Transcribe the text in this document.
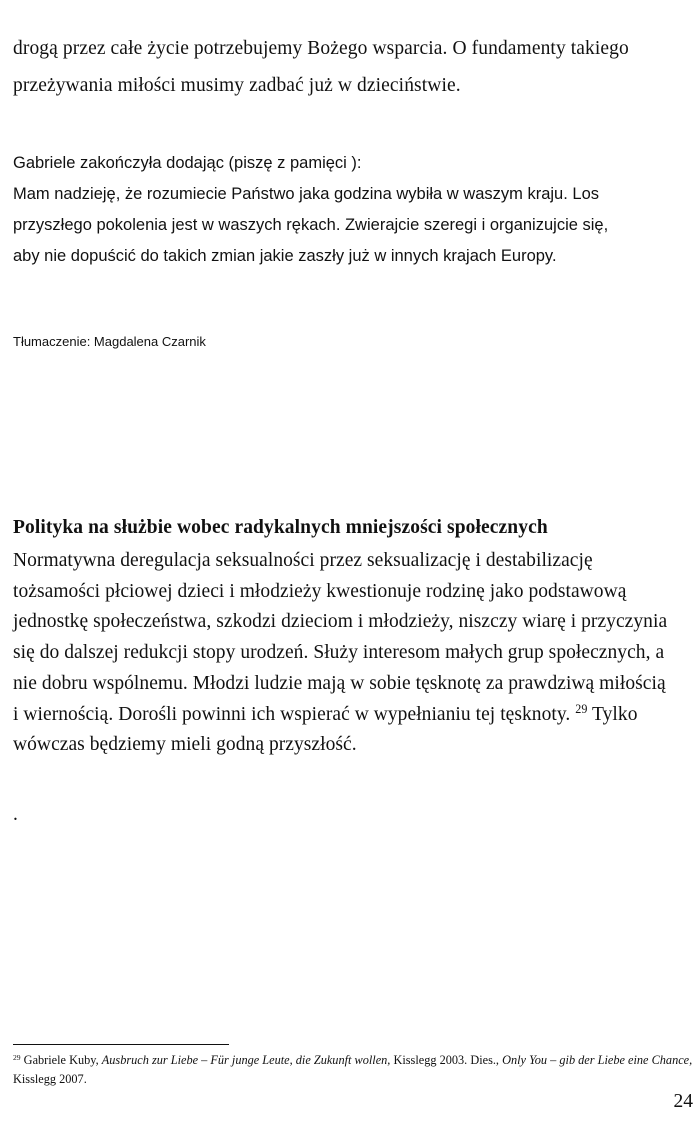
drogą przez całe życie potrzebujemy Bożego wsparcia. O fundamenty takiego
przeżywania miłości musimy zadbać już w dzieciństwie.
Gabriele zakończyła dodając (piszę z pamięci ):
Mam nadzieję, że rozumiecie Państwo jaka godzina wybiła w waszym kraju. Los
przyszłego pokolenia jest w waszych rękach. Zwierajcie szeregi i organizujcie się,
aby nie dopuścić do takich zmian jakie zaszły już w innych krajach Europy.
Tłumaczenie: Magdalena Czarnik
Polityka na służbie wobec radykalnych mniejszości społecznych
Normatywna deregulacja seksualności przez seksualizację i destabilizację
tożsamości płciowej dzieci i młodzieży kwestionuje rodzinę jako podstawową
jednostkę społeczeństwa, szkodzi dzieciom i młodzieży, niszczy wiarę i przyczynia
się do dalszej redukcji stopy urodzeń. Służy interesom małych grup społecznych, a
nie dobru wspólnemu. Młodzi ludzie mają w sobie tęsknotę za prawdziwą miłością
i wiernością. Dorośli powinni ich wspierać w wypełnianiu tej tęsknoty. $^{29}$ Tylko
wówczas będziemy mieli godną przyszłość.
.
$^{29}$ Gabriele Kuby, Ausbruch zur Liebe – Für junge Leute, die Zukunft wollen, Kisslegg 2003. Dies., Only You – gib der Liebe eine Chance, Kisslegg 2007.
24
